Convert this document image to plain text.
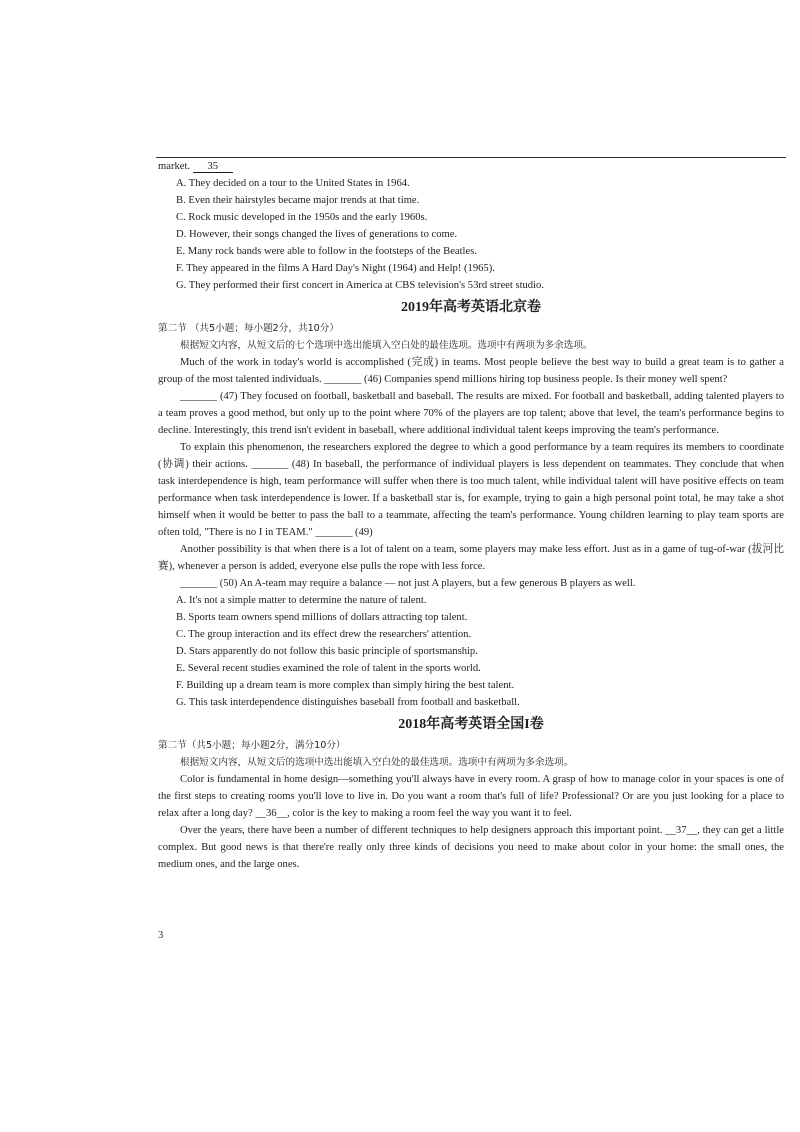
market. 35

A. They decided on a tour to the United States in 1964.

B. Even their hairstyles became major trends at that time.

C. Rock music developed in the 1950s and the early 1960s.

D. However, their songs changed the lives of generations to come.

E. Many rock bands were able to follow in the footsteps of the Beatles.

F. They appeared in the films A Hard Day's Night (1964) and Help! (1965).

G. They performed their first concert in America at CBS television's 53rd street studio.

2019年高考英语北京卷

第二节 （共5小题；每小题2分，共10分）

根据短文内容，从短文后的七个选项中选出能填入空白处的最佳选项。选项中有两项为多余选项。

Much of the work in today's world is accomplished (完成) in teams. Most people believe the best way to build a great team is to gather a group of the most talented individuals. _______ (46) Companies spend millions hiring top business people. Is their money well spent?

_______ (47) They focused on football, basketball and baseball. The results are mixed. For football and basketball, adding talented players to a team proves a good method, but only up to the point where 70% of the players are top talent; above that level, the team's performance begins to decline. Interestingly, this trend isn't evident in baseball, where additional individual talent keeps improving the team's performance.

To explain this phenomenon, the researchers explored the degree to which a good performance by a team requires its members to coordinate (协调) their actions. _______ (48) In baseball, the performance of individual players is less dependent on teammates. They conclude that when task interdependence is high, team performance will suffer when there is too much talent, while individual talent will have positive effects on team performance when task interdependence is lower. If a basketball star is, for example, trying to gain a high personal point total, he may take a shot himself when it would be better to pass the ball to a teammate, affecting the team's performance. Young children learning to play team sports are often told, "There is no I in TEAM." _______ (49)

Another possibility is that when there is a lot of talent on a team, some players may make less effort. Just as in a game of tug-of-war (拔河比赛), whenever a person is added, everyone else pulls the rope with less force.

_______ (50) An A-team may require a balance — not just A players, but a few generous B players as well.

A. It's not a simple matter to determine the nature of talent.

B. Sports team owners spend millions of dollars attracting top talent.

C. The group interaction and its effect drew the researchers' attention.

D. Stars apparently do not follow this basic principle of sportsmanship.

E. Several recent studies examined the role of talent in the sports world.

F. Building up a dream team is more complex than simply hiring the best talent.

G. This task interdependence distinguishes baseball from football and basketball.

2018年高考英语全国I卷

第二节（共5小题；每小题2分，满分10分）

根据短文内容，从短文后的选项中选出能填入空白处的最佳选项。选项中有两项为多余选项。

Color is fundamental in home design—something you'll always have in every room. A grasp of how to manage color in your spaces is one of the first steps to creating rooms you'll love to live in. Do you want a room that's full of life? Professional? Or are you just looking for a place to relax after a long day? __36__, color is the key to making a room feel the way you want it to feel.

Over the years, there have been a number of different techniques to help designers approach this important point. __37__, they can get a little complex. But good news is that there're really only three kinds of decisions you need to make about color in your home: the small ones, the medium ones, and the large ones.

3
